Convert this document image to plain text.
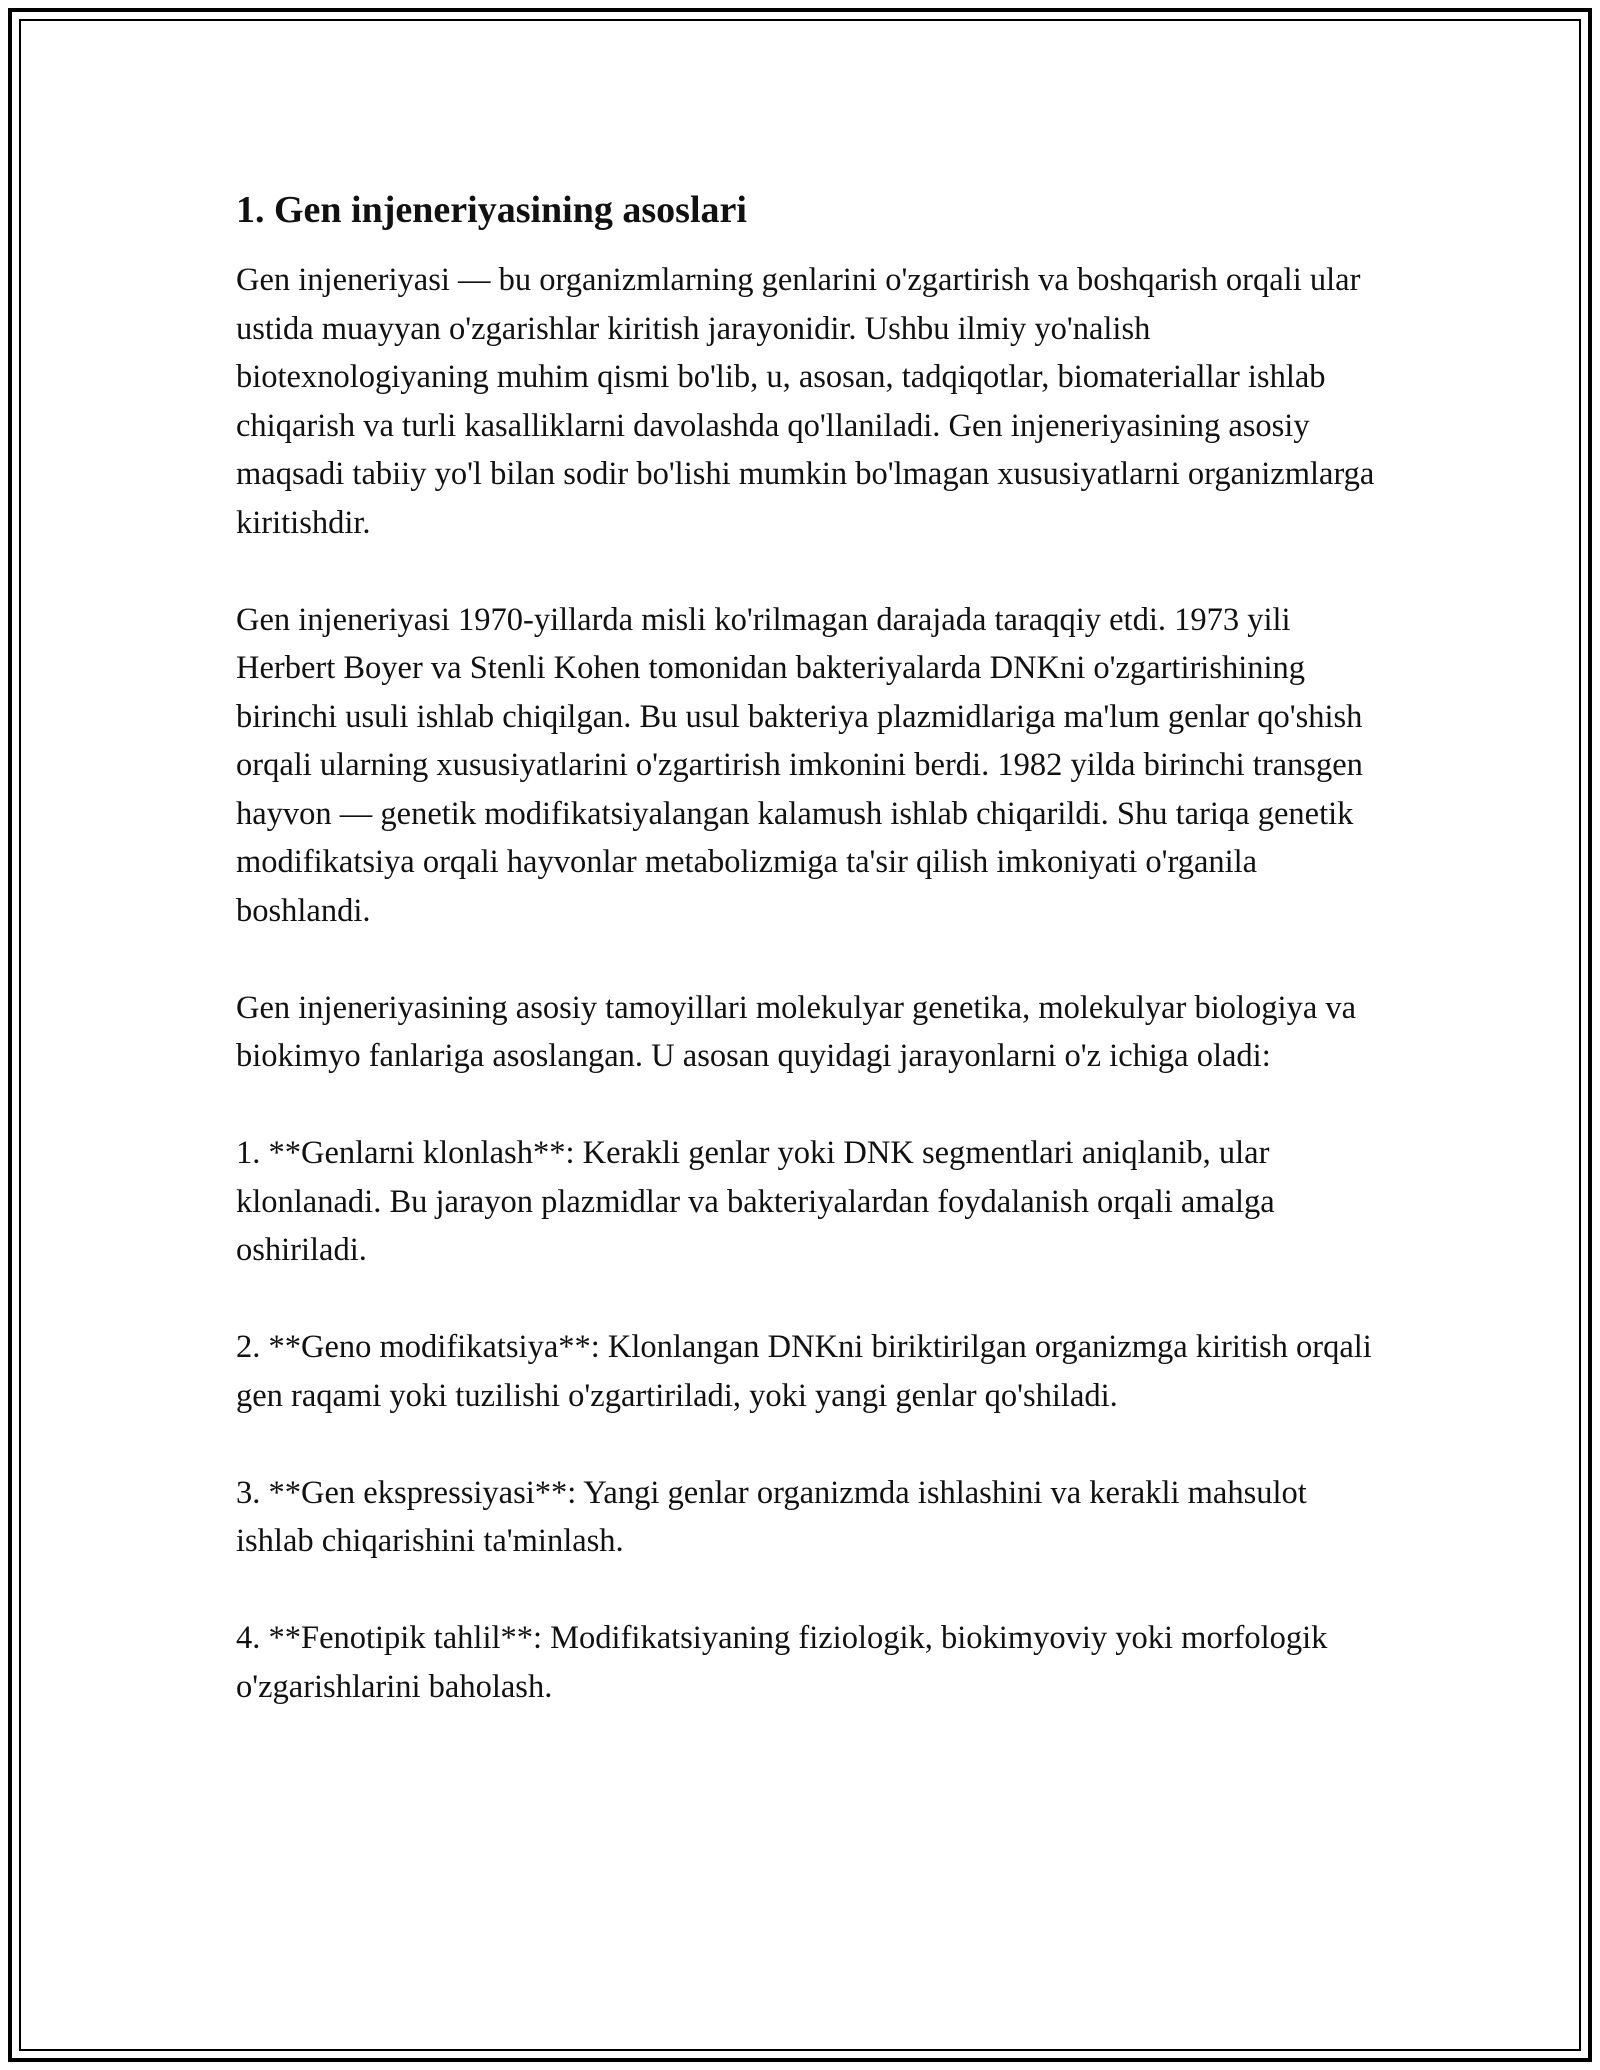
1. Gen injeneriyasining asoslari

Gen injeneriyasi — bu organizmlarning genlarini o'zgartirish va boshqarish orqali ular ustida muayyan o'zgarishlar kiritish jarayonidir. Ushbu ilmiy yo'nalish biotexnologiyaning muhim qismi bo'lib, u, asosan, tadqiqotlar, biomateriallar ishlab chiqarish va turli kasalliklarni davolashda qo'llaniladi. Gen injeneriyasining asosiy maqsadi tabiiy yo'l bilan sodir bo'lishi mumkin bo'lmagan xususiyatlarni organizmlarga kiritishdir.

Gen injeneriyasi 1970-yillarda misli ko'rilmagan darajada taraqqiy etdi. 1973 yili Herbert Boyer va Stenli Kohen tomonidan bakteriyalarda DNKni o'zgartirishining birinchi usuli ishlab chiqilgan. Bu usul bakteriya plazmidlariga ma'lum genlar qo'shish orqali ularning xususiyatlarini o'zgartirish imkonini berdi. 1982 yilda birinchi transgen hayvon — genetik modifikatsiyalangan kalamush ishlab chiqarildi. Shu tariqa genetik modifikatsiya orqali hayvonlar metabolizmiga ta'sir qilish imkoniyati o'rganila boshlandi.

Gen injeneriyasining asosiy tamoyillari molekulyar genetika, molekulyar biologiya va biokimyo fanlariga asoslangan. U asosan quyidagi jarayonlarni o'z ichiga oladi:

1. **Genlarni klonlash**: Kerakli genlar yoki DNK segmentlari aniqlanib, ular klonlanadi. Bu jarayon plazmidlar va bakteriyalardan foydalanish orqali amalga oshiriladi.

2. **Geno modifikatsiya**: Klonlangan DNKni biriktirilgan organizmga kiritish orqali gen raqami yoki tuzilishi o'zgartiriladi, yoki yangi genlar qo'shiladi.

3. **Gen ekspressiyasi**: Yangi genlar organizmda ishlashini va kerakli mahsulot ishlab chiqarishini ta'minlash.

4. **Fenotipik tahlil**: Modifikatsiyaning fiziologik, biokimyoviy yoki morfologik o'zgarishlarini baholash.
